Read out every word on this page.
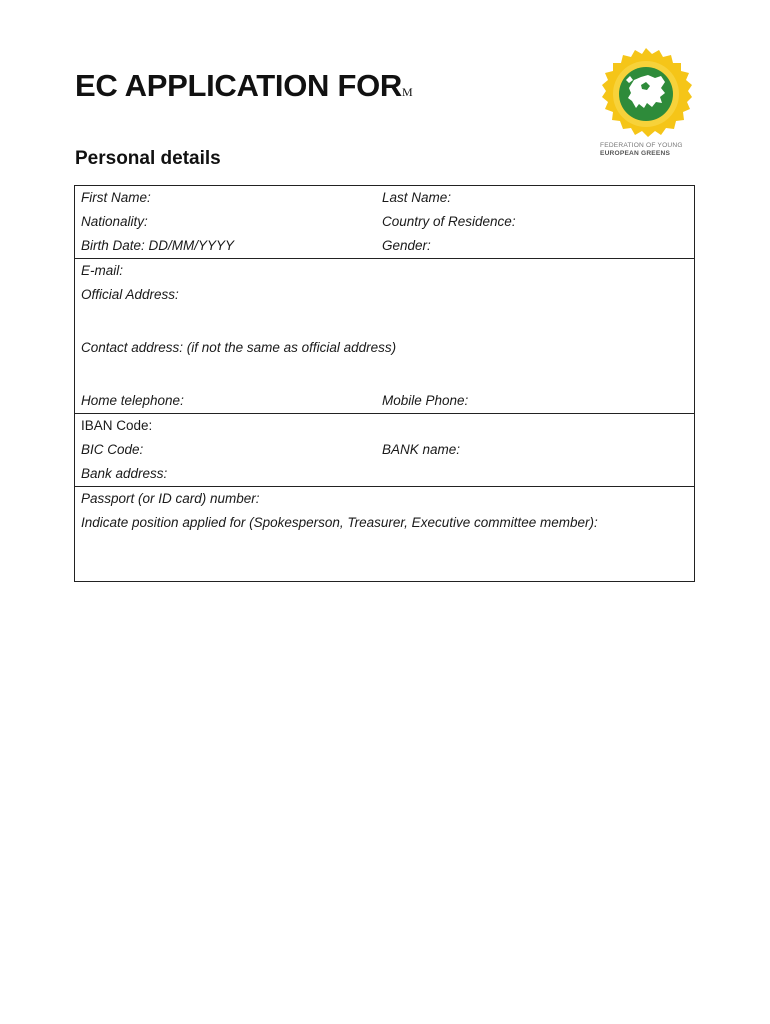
EC APPLICATION FORM
Personal details
FEDERATION OF YOUNG
EUROPEAN GREENS
First Name:	Last Name:
Nationality:	Country of Residence:
Birth Date: DD/MM/YYYY	Gender:
E-mail:
Official Address:
Contact address: (if not the same as official address)
Home telephone:	Mobile Phone:
IBAN Code:
BIC Code:	BANK name:
Bank address:
Passport (or ID card) number:
Indicate position applied for (Spokesperson, Treasurer, Executive committee member):
